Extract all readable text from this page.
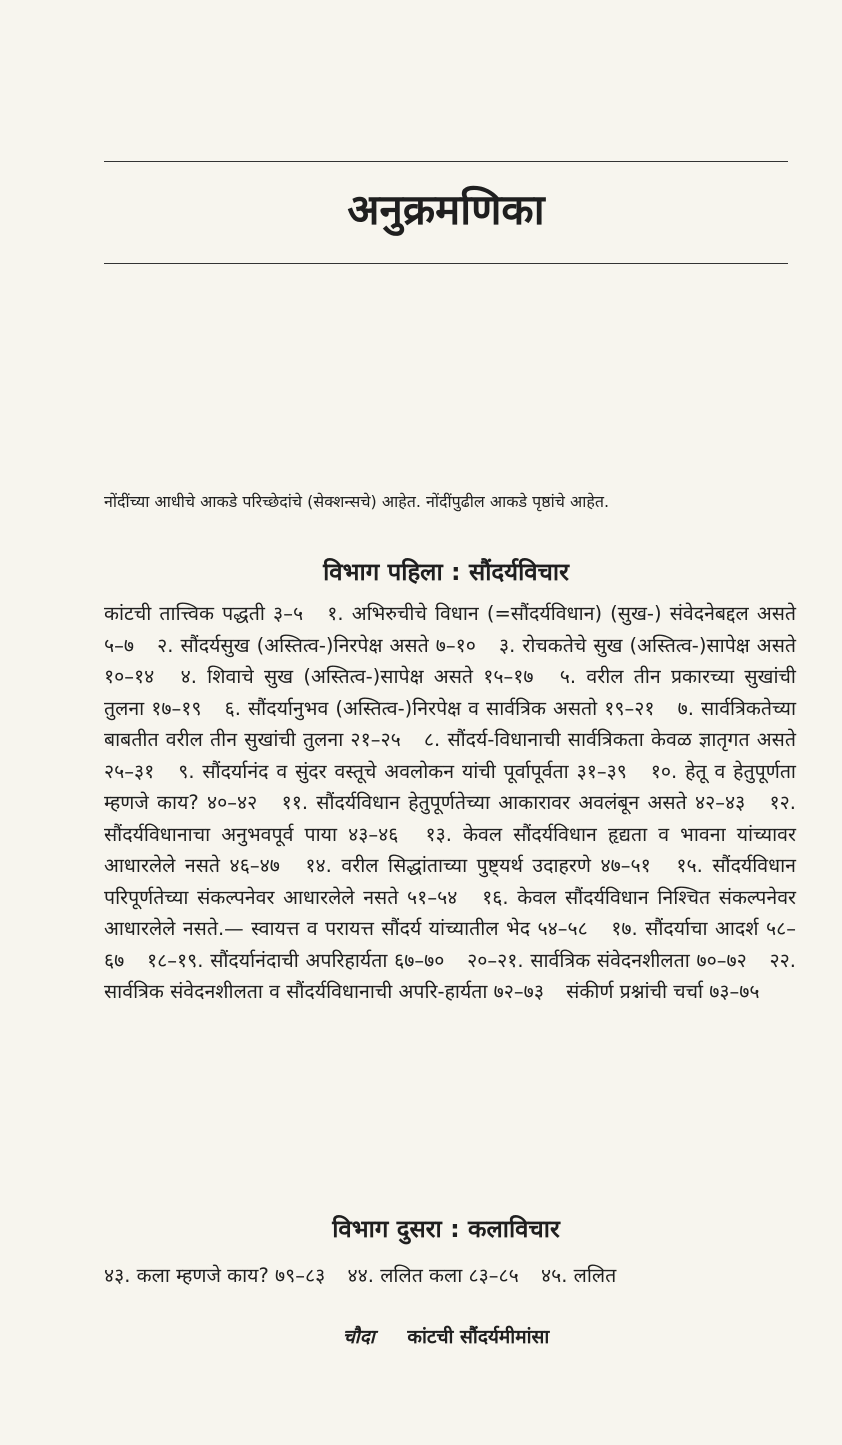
अनुक्रमणिका
नोंदींच्या आधीचे आकडे परिच्छेदांचे (सेक्शन्सचे) आहेत. नोंदींपुढील आकडे पृष्ठांचे आहेत.
विभाग पहिला : सौंदर्यविचार
कांटची तात्त्विक पद्धती ३–५ १. अभिरुचीचे विधान (=सौंदर्यविधान) (सुख-) संवेदनेबद्दल असते ५–७ २. सौंदर्यसुख (अस्तित्व-)निरपेक्ष असते ७–१० ३. रोचकतेचे सुख (अस्तित्व-)सापेक्ष असते १०–१४ ४. शिवाचे सुख (अस्तित्व-)सापेक्ष असते १५–१७ ५. वरील तीन प्रकारच्या सुखांची तुलना १७–१९ ६. सौंदर्यानुभव (अस्तित्व-)निरपेक्ष व सार्वत्रिक असतो १९–२१ ७. सार्वत्रिकतेच्या बाबतीत वरील तीन सुखांची तुलना २१–२५ ८. सौंदर्य-विधानाची सार्वत्रिकता केवळ ज्ञातृगत असते २५–३१ ९. सौंदर्यानंद व सुंदर वस्तूचे अवलोकन यांची पूर्वापूर्वता ३१–३९ १०. हेतू व हेतुपूर्णता म्हणजे काय? ४०–४२ ११. सौंदर्यविधान हेतुपूर्णतेच्या आकारावर अवलंबून असते ४२–४३ १२. सौंदर्यविधानाचा अनुभवपूर्व पाया ४३–४६ १३. केवल सौंदर्यविधान हृद्यता व भावना यांच्यावर आधारलेले नसते ४६–४७ १४. वरील सिद्धांताच्या पुष्ट्यर्थ उदाहरणे ४७–५१ १५. सौंदर्यविधान परिपूर्णतेच्या संकल्पनेवर आधारलेले नसते ५१–५४ १६. केवल सौंदर्यविधान निश्चित संकल्पनेवर आधारलेले नसते.— स्वायत्त व परायत्त सौंदर्य यांच्यातील भेद ५४–५८ १७. सौंदर्याचा आदर्श ५८–६७ १८–१९. सौंदर्यानंदाची अपरिहार्यता ६७–७० २०–२१. सार्वत्रिक संवेदनशीलता ७०–७२ २२. सार्वत्रिक संवेदनशीलता व सौंदर्यविधानाची अपरि-हार्यता ७२–७३ संकीर्ण प्रश्नांची चर्चा ७३–७५
विभाग दुसरा : कलाविचार
४३. कला म्हणजे काय? ७९–८३ ४४. ललित कला ८३–८५ ४५. ललित
चौदा कांटची सौंदर्यमीमांसा
